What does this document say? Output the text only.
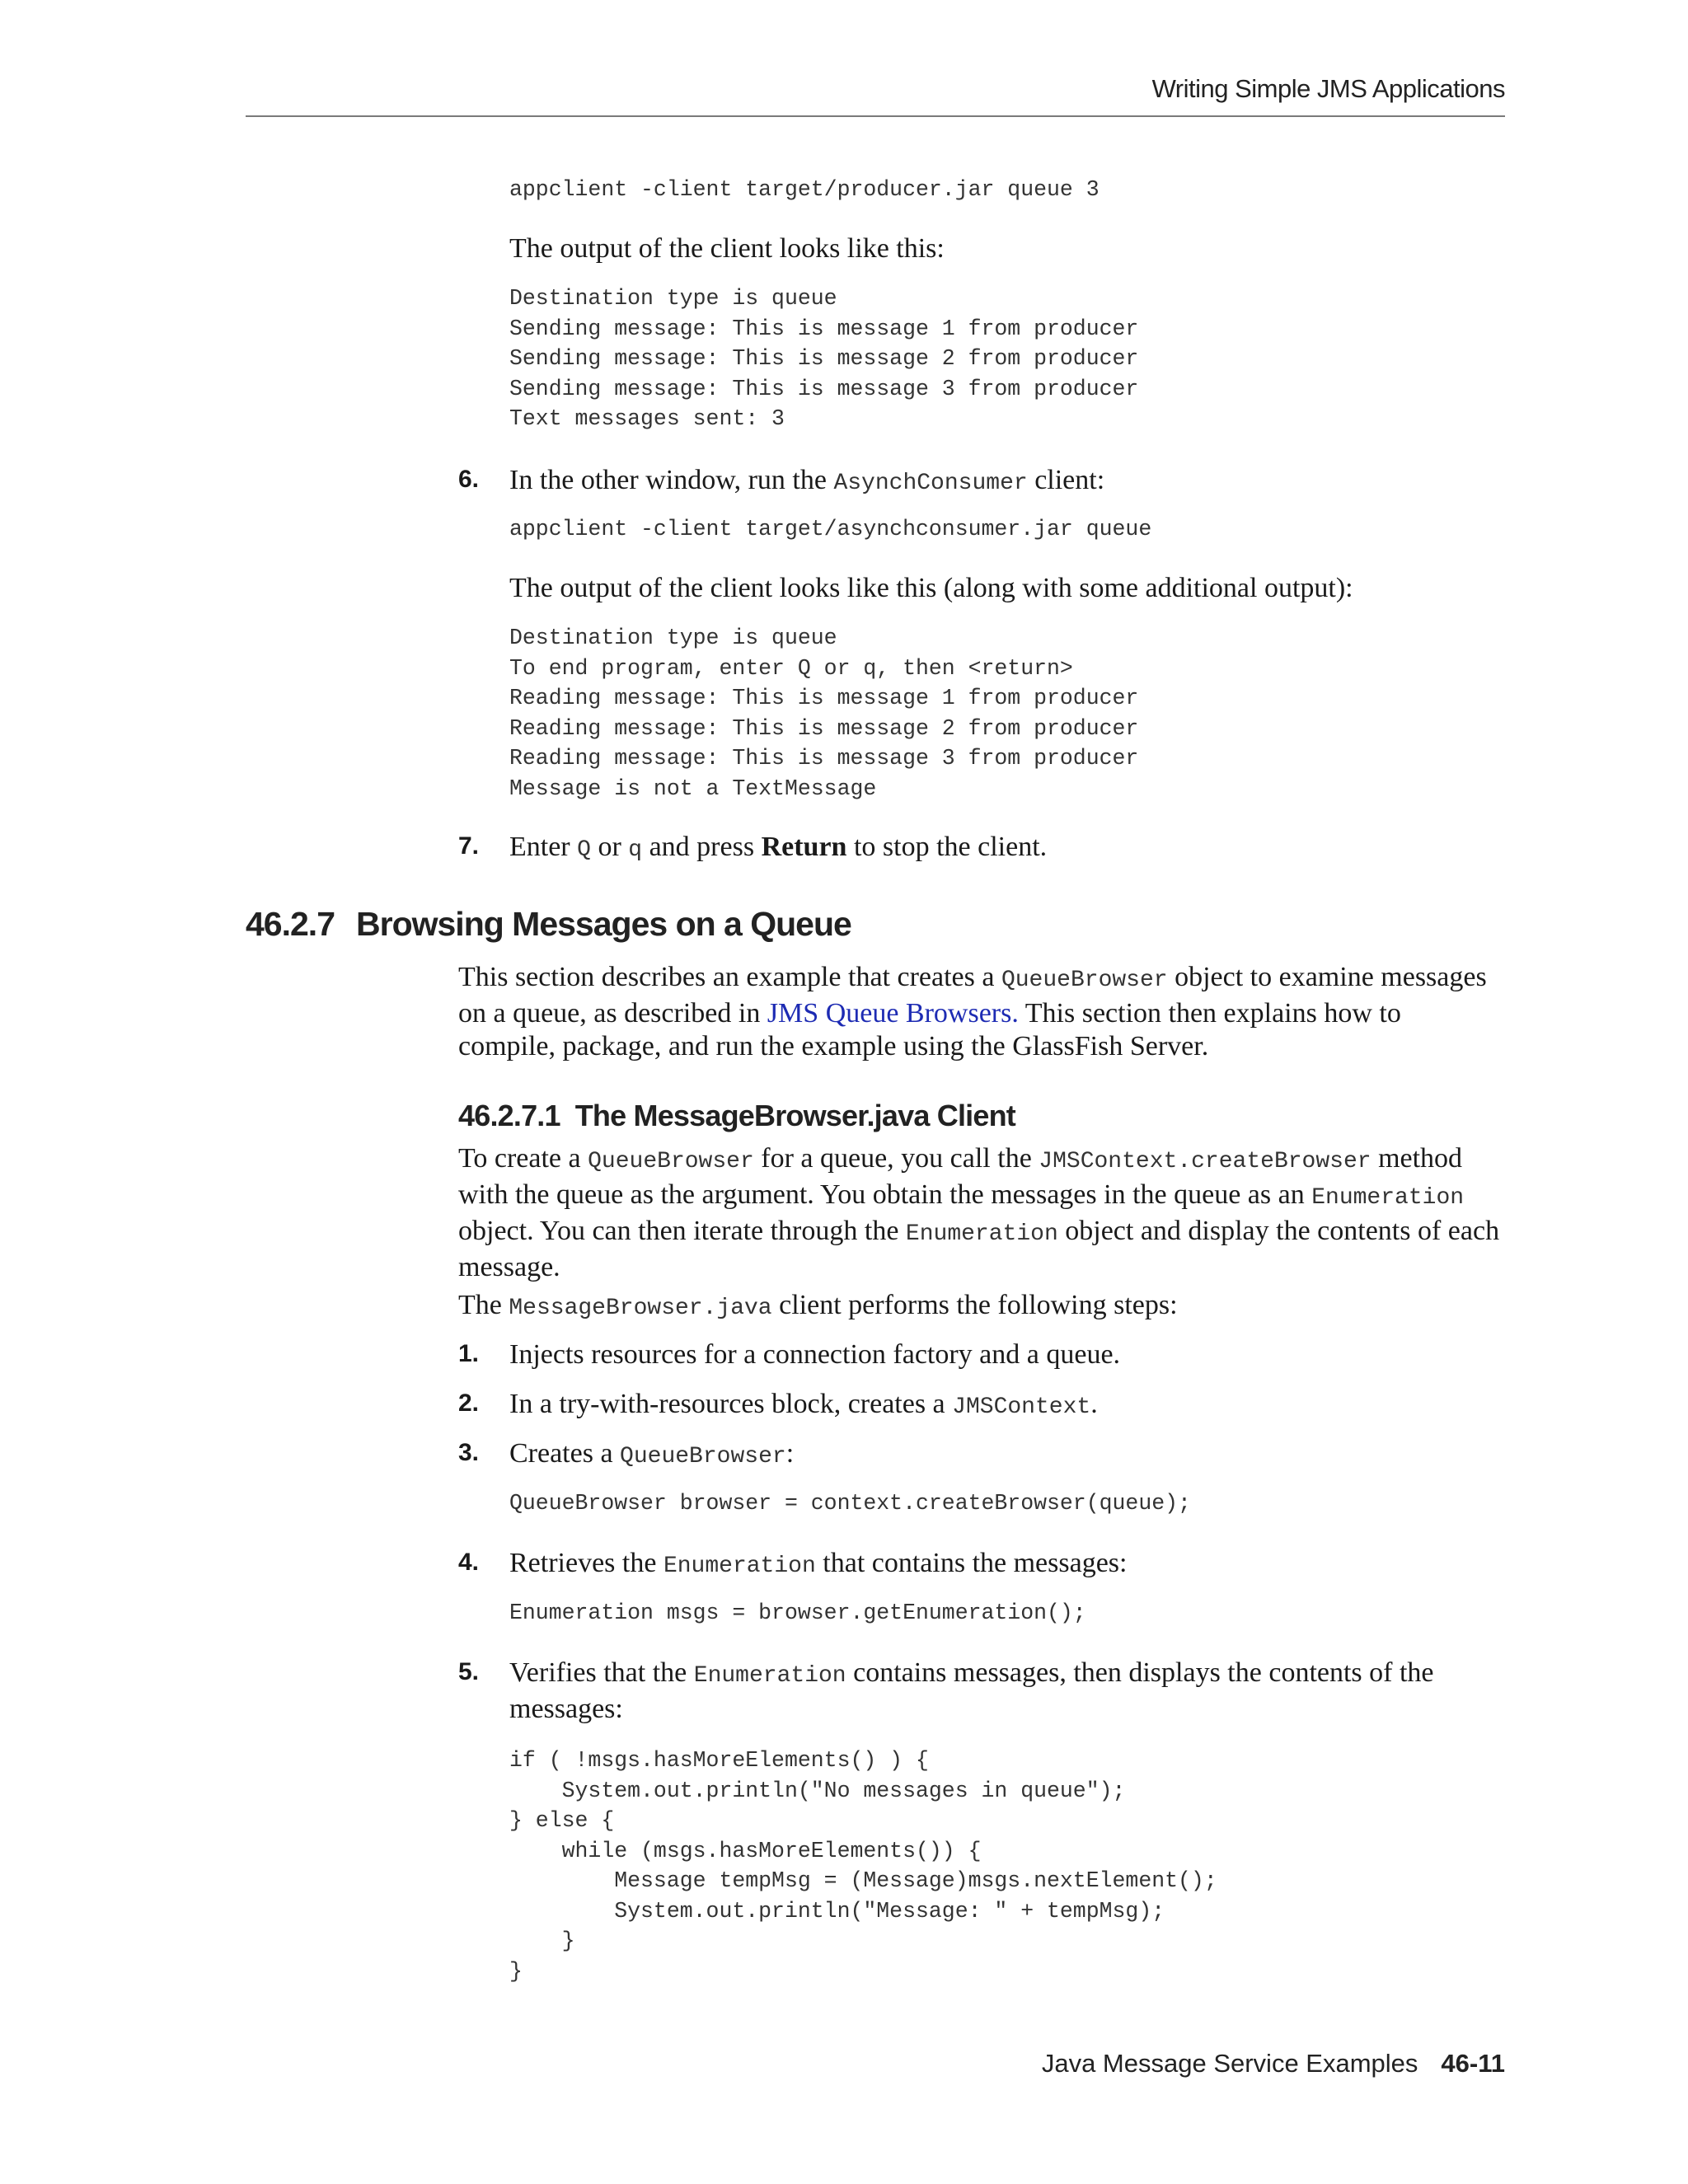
Writing Simple JMS Applications
appclient -client target/producer.jar queue 3
The output of the client looks like this:
Destination type is queue
Sending message: This is message 1 from producer
Sending message: This is message 2 from producer
Sending message: This is message 3 from producer
Text messages sent: 3
6. In the other window, run the AsynchConsumer client:
appclient -client target/asynchconsumer.jar queue
The output of the client looks like this (along with some additional output):
Destination type is queue
To end program, enter Q or q, then <return>
Reading message: This is message 1 from producer
Reading message: This is message 2 from producer
Reading message: This is message 3 from producer
Message is not a TextMessage
7. Enter Q or q and press Return to stop the client.
46.2.7 Browsing Messages on a Queue
This section describes an example that creates a QueueBrowser object to examine messages on a queue, as described in JMS Queue Browsers. This section then explains how to compile, package, and run the example using the GlassFish Server.
46.2.7.1 The MessageBrowser.java Client
To create a QueueBrowser for a queue, you call the JMSContext.createBrowser method with the queue as the argument. You obtain the messages in the queue as an Enumeration object. You can then iterate through the Enumeration object and display the contents of each message.
The MessageBrowser.java client performs the following steps:
1. Injects resources for a connection factory and a queue.
2. In a try-with-resources block, creates a JMSContext.
3. Creates a QueueBrowser:
QueueBrowser browser = context.createBrowser(queue);
4. Retrieves the Enumeration that contains the messages:
Enumeration msgs = browser.getEnumeration();
5. Verifies that the Enumeration contains messages, then displays the contents of the messages:
if ( !msgs.hasMoreElements() ) {
System.out.println("No messages in queue");
} else {
while (msgs.hasMoreElements()) {
Message tempMsg = (Message)msgs.nextElement();
System.out.println("Message: " + tempMsg);
}
}
Java Message Service Examples 46-11
